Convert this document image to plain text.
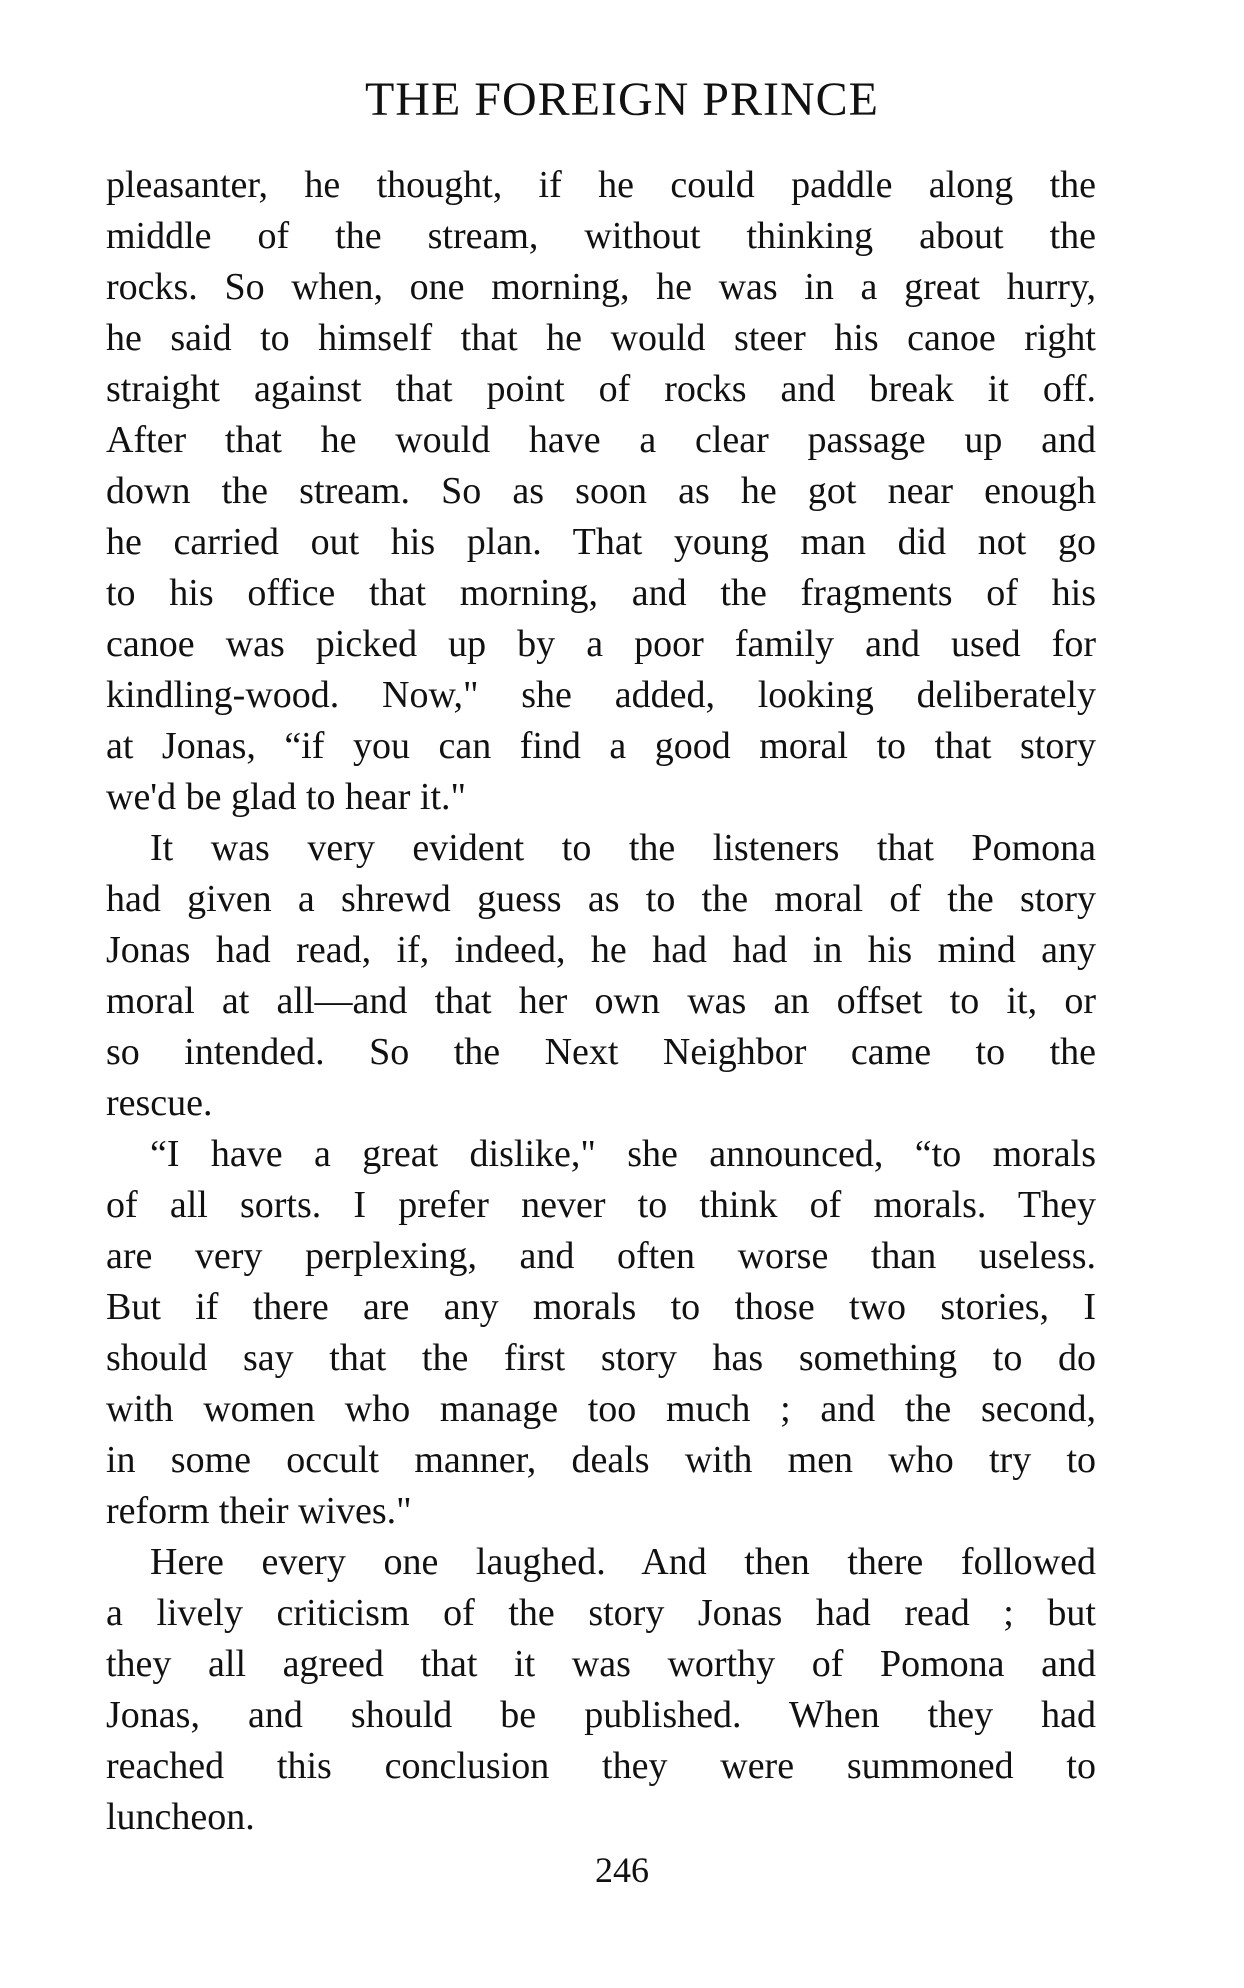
THE FOREIGN PRINCE
pleasanter, he thought, if he could paddle along the
middle of the stream, without thinking about the
rocks. So when, one morning, he was in a great hurry,
he said to himself that he would steer his canoe right
straight against that point of rocks and break it off.
After that he would have a clear passage up and
down the stream. So as soon as he got near enough
he carried out his plan. That young man did not go
to his office that morning, and the fragments of his
canoe was picked up by a poor family and used for
kindling-wood. Now," she added, looking deliberately
at Jonas, “if you can find a good moral to that story
we'd be glad to hear it."
It was very evident to the listeners that Pomona
had given a shrewd guess as to the moral of the story
Jonas had read, if, indeed, he had had in his mind any
moral at all—and that her own was an offset to it, or
so intended. So the Next Neighbor came to the
rescue.
“I have a great dislike," she announced, “to morals
of all sorts. I prefer never to think of morals. They
are very perplexing, and often worse than useless.
But if there are any morals to those two stories, I
should say that the first story has something to do
with women who manage too much ; and the second,
in some occult manner, deals with men who try to
reform their wives."
Here every one laughed. And then there followed
a lively criticism of the story Jonas had read ; but
they all agreed that it was worthy of Pomona and
Jonas, and should be published. When they had
reached this conclusion they were summoned to
luncheon.
246
